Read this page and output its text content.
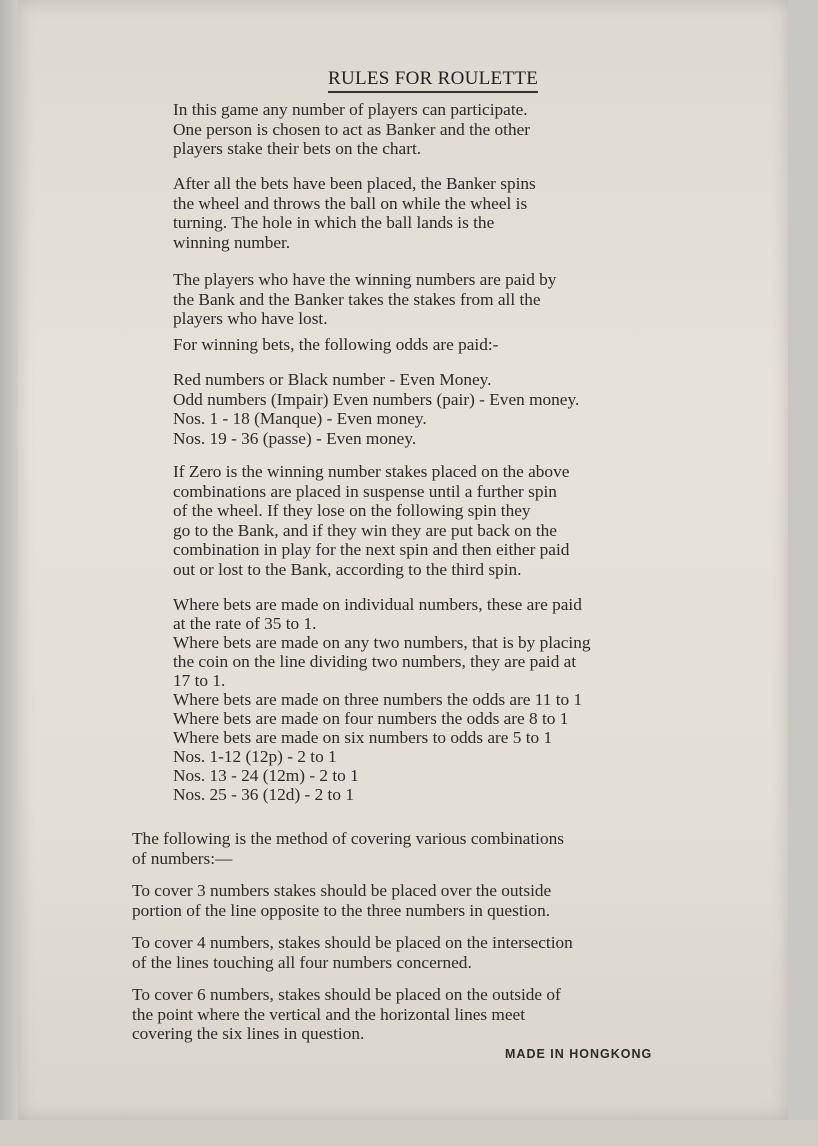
RULES FOR ROULETTE
In this game any number of players can participate.
One person is chosen to act as Banker and the other
players stake their bets on the chart.
After all the bets have been placed, the Banker spins
the wheel and throws the ball on while the wheel is
turning. The hole in which the ball lands is the
winning number.
The players who have the winning numbers are paid by
the Bank and the Banker takes the stakes from all the
players who have lost.
For winning bets, the following odds are paid:-
Red numbers or Black number - Even Money.
Odd numbers (Impair) Even numbers (pair) - Even money.
Nos. 1 - 18 (Manque) - Even money.
Nos. 19 - 36 (passe) - Even money.
If Zero is the winning number stakes placed on the above
combinations are placed in suspense until a further spin
of the wheel. If they lose on the following spin they
go to the Bank, and if they win they are put back on the
combination in play for the next spin and then either paid
out or lost to the Bank, according to the third spin.
Where bets are made on individual numbers, these are paid
at the rate of 35 to 1.
Where bets are made on any two numbers, that is by placing
the coin on the line dividing two numbers, they are paid at
17 to 1.
Where bets are made on three numbers the odds are 11 to 1
Where bets are made on four numbers the odds are 8 to 1
Where bets are made on six numbers to odds are 5 to 1
Nos. 1-12 (12p) - 2 to 1
Nos. 13 - 24 (12m) - 2 to 1
Nos. 25 - 36 (12d) - 2 to 1
The following is the method of covering various combinations
of numbers:—
To cover 3 numbers stakes should be placed over the outside
portion of the line opposite to the three numbers in question.
To cover 4 numbers, stakes should be placed on the intersection
of the lines touching all four numbers concerned.
To cover 6 numbers, stakes should be placed on the outside of
the point where the vertical and the horizontal lines meet
covering the six lines in question.
MADE IN HONGKONG
